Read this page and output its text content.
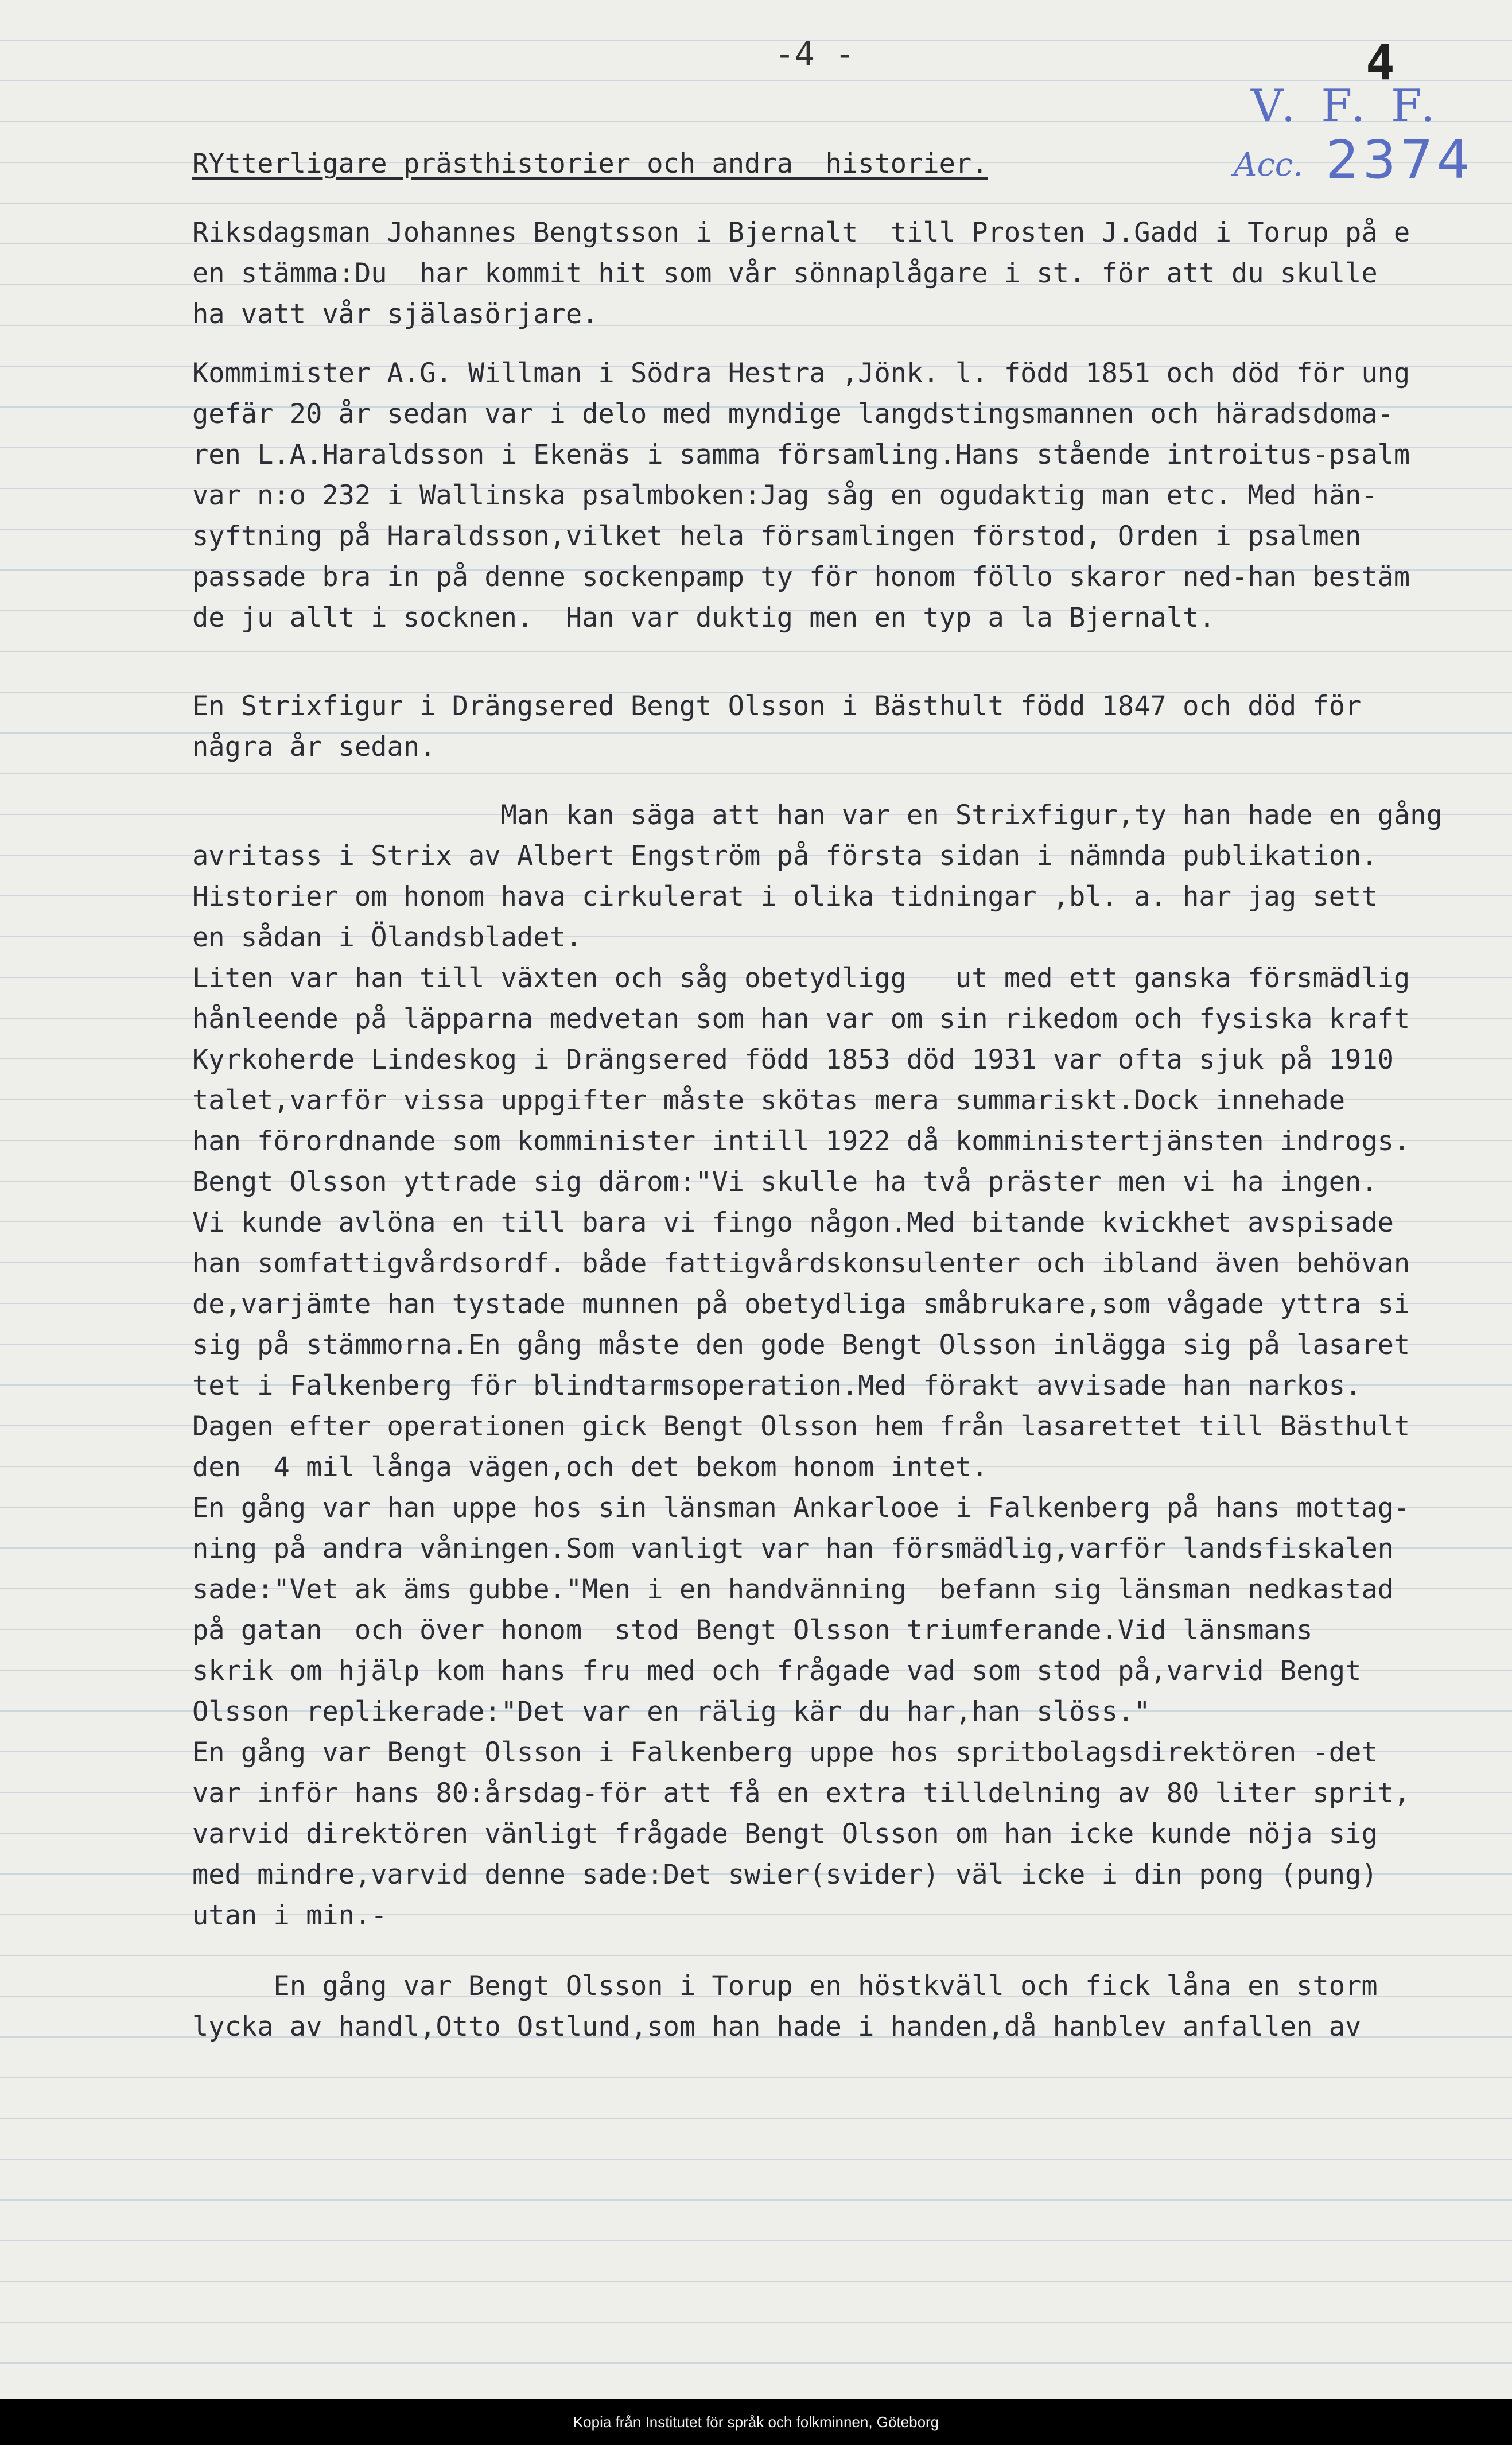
-4 -	4
V. F. F.
Acc. 2374
RYtterligare prästhistorier och andra  historier.
Riksdagsman Johannes Bengtsson i Bjernalt  till Prosten J.Gadd i Torup på e
en stämma:Du  har kommit hit som vår sönnaplågare i st. för att du skulle
ha vatt vår själasörjare.
Kommimister A.G. Willman i Södra Hestra ,Jönk. l. född 1851 och död för ung
gefär 20 år sedan var i delo med myndige langdstingsmannen och häradsdoma-
ren L.A.Haraldsson i Ekenäs i samma församling.Hans stående introitus-psalm
var n:o 232 i Wallinska psalmboken:Jag såg en ogudaktig man etc. Med hän-
syftning på Haraldsson,vilket hela församlingen förstod, Orden i psalmen
passade bra in på denne sockenpamp ty för honom föllo skaror ned-han bestäm
de ju allt i socknen.  Han var duktig men en typ a la Bjernalt.
En Strixfigur i Drängsered Bengt Olsson i Bästhult född 1847 och död för
några år sedan.
Man kan säga att han var en Strixfigur,ty han hade en gång
avritass i Strix av Albert Engström på första sidan i nämnda publikation.
Historier om honom hava cirkulerat i olika tidningar ,bl. a. har jag sett
en sådan i Ölandsbladet.
Liten var han till växten och såg obetydligg   ut med ett ganska försmädlig
hånleende på läpparna medvetan som han var om sin rikedom och fysiska kraft
Kyrkoherde Lindeskog i Drängsered född 1853 död 1931 var ofta sjuk på 1910
talet,varför vissa uppgifter måste skötas mera summariskt.Dock innehade
han förordnande som komminister intill 1922 då komministertjänsten indrogs.
Bengt Olsson yttrade sig därom:"Vi skulle ha två präster men vi ha ingen.
Vi kunde avlöna en till bara vi fingo någon.Med bitande kvickhet avspisade
han somfattigvårdsordf. både fattigvårdskonsulenter och ibland även behövan
de,varjämte han tystade munnen på obetydliga småbrukare,som vågade yttra si
sig på stämmorna.En gång måste den gode Bengt Olsson inlägga sig på lasaret
tet i Falkenberg för blindtarmsoperation.Med förakt avvisade han narkos.
Dagen efter operationen gick Bengt Olsson hem från lasarettet till Bästhult
den  4 mil långa vägen,och det bekom honom intet.
En gång var han uppe hos sin länsman Ankarlooe i Falkenberg på hans mottag-
ning på andra våningen.Som vanligt var han försmädlig,varför landsfiskalen
sade:"Vet ak äms gubbe."Men i en handvänning  befann sig länsman nedkastad
på gatan  och över honom  stod Bengt Olsson triumferande.Vid länsmans
skrik om hjälp kom hans fru med och frågade vad som stod på,varvid Bengt
Olsson replikerade:"Det var en rälig kär du har,han slöss."
En gång var Bengt Olsson i Falkenberg uppe hos spritbolagsdirektören -det
var inför hans 80:årsdag-för att få en extra tilldelning av 80 liter sprit,
varvid direktören vänligt frågade Bengt Olsson om han icke kunde nöja sig
med mindre,varvid denne sade:Det swier(svider) väl icke i din pong (pung)
utan i min.-
En gång var Bengt Olsson i Torup en höstkväll och fick låna en storm
lycka av handl,Otto Ostlund,som han hade i handen,då hanblev anfallen av
Kopia från Institutet för språk och folkminnen, Göteborg
